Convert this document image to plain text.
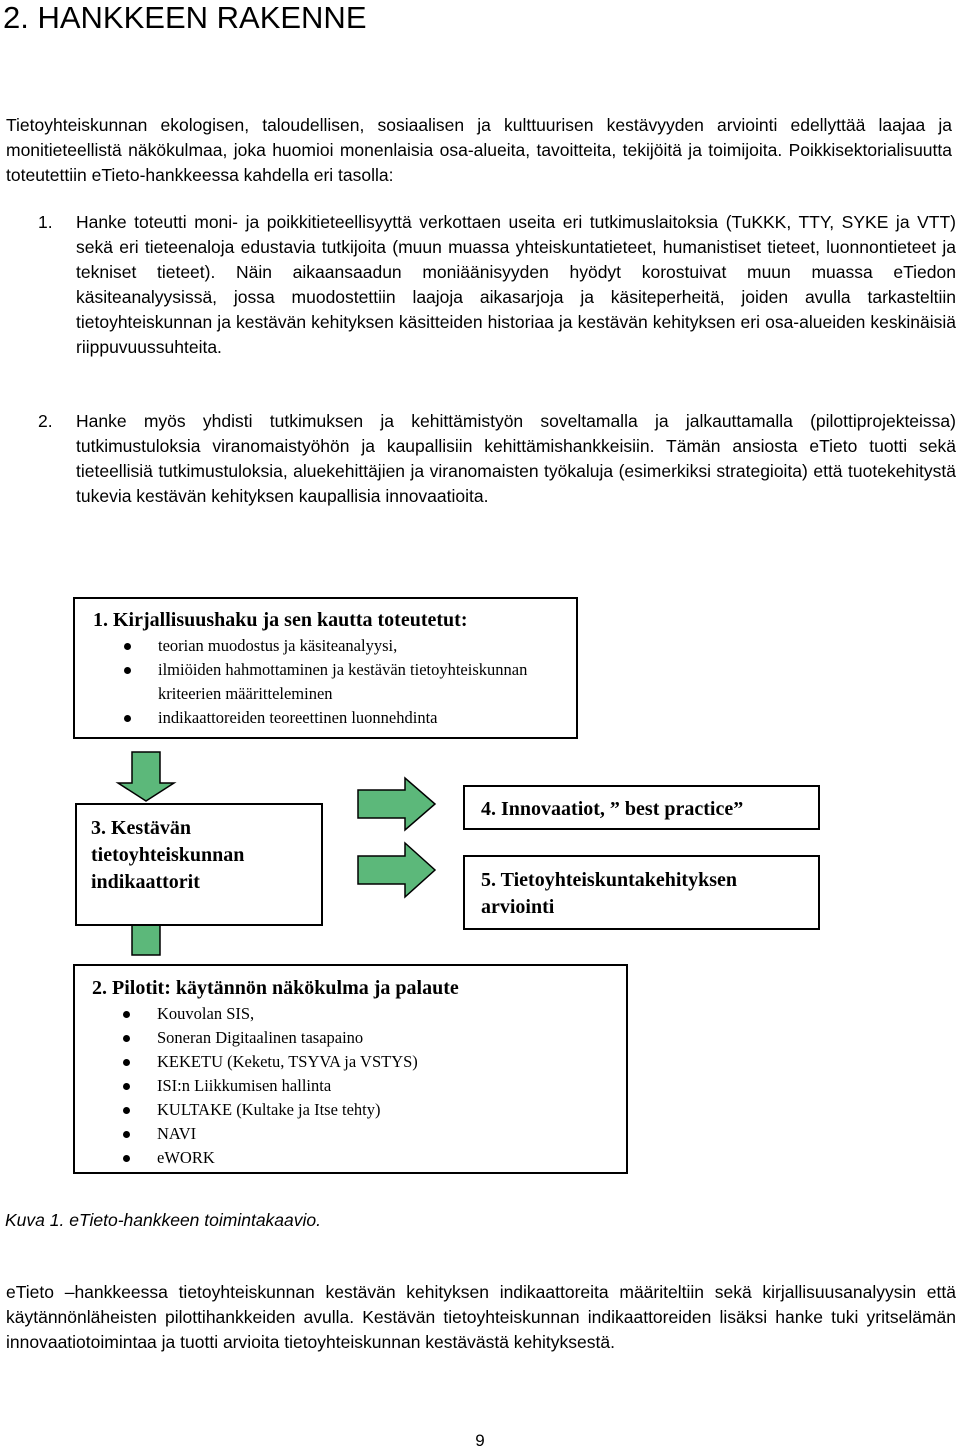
2. HANKKEEN RAKENNE

Tietoyhteiskunnan ekologisen, taloudellisen, sosiaalisen ja kulttuurisen kestävyyden arviointi edellyttää laajaa ja monitieteellistä näkökulmaa, joka huomioi monenlaisia osa-alueita, tavoitteita, tekijöitä ja toimijoita. Poikkisektorialisuutta toteutettiin eTieto-hankkeessa kahdella eri tasolla:

1. Hanke toteutti moni- ja poikkitieteellisyyttä verkottaen useita eri tutkimuslaitoksia (TuKKK, TTY, SYKE ja VTT) sekä eri tieteenaloja edustavia tutkijoita (muun muassa yhteiskuntatieteet, humanistiset tieteet, luonnontieteet ja tekniset tieteet). Näin aikaansaadun moniäänisyyden hyödyt korostuivat muun muassa eTiedon käsiteanalyysissä, jossa muodostettiin laajoja aikasarjoja ja käsiteperheitä, joiden avulla tarkasteltiin tietoyhteiskunnan ja kestävän kehityksen käsitteiden historiaa ja kestävän kehityksen eri osa-alueiden keskinäisiä riippuvuussuhteita.
2. Hanke myös yhdisti tutkimuksen ja kehittämistyön soveltamalla ja jalkauttamalla (pilottiprojekteissa) tutkimustuloksia viranomaistyöhön ja kaupallisiin kehittämishankkeisiin. Tämän ansiosta eTieto tuotti sekä tieteellisiä tutkimustuloksia, aluekehittäjien ja viranomaisten työkaluja (esimerkiksi strategioita) että tuotekehitystä tukevia kestävän kehityksen kaupallisia innovaatioita.
1. Kirjallisuushaku ja sen kautta toteutetut:
teorian muodostus ja käsiteanalyysi,
ilmiöiden hahmottaminen ja kestävän tietoyhteiskunnan kriteerien määritteleminen
indikaattoreiden teoreettinen luonnehdinta
3. Kestävän tietoyhteiskunnan indikaattorit
4. Innovaatiot, ” best practice”
5. Tietoyhteiskuntakehityksen arviointi
2. Pilotit: käytännön näkökulma ja palaute
Kouvolan SIS,
Soneran Digitaalinen tasapaino
KEKETU (Keketu, TSYVA ja VSTYS)
ISI:n Liikkumisen hallinta
KULTAKE (Kultake ja Itse tehty)
NAVI
eWORK
Kuva 1. eTieto-hankkeen toimintakaavio.

eTieto –hankkeessa tietoyhteiskunnan kestävän kehityksen indikaattoreita määriteltiin sekä kirjallisuusanalyysin että käytännönläheisten pilottihankkeiden avulla. Kestävän tietoyhteiskunnan indikaattoreiden lisäksi hanke tuki yritselämän innovaatiotoimintaa ja tuotti arvioita tietoyhteiskunnan kestävästä kehityksestä.

9
